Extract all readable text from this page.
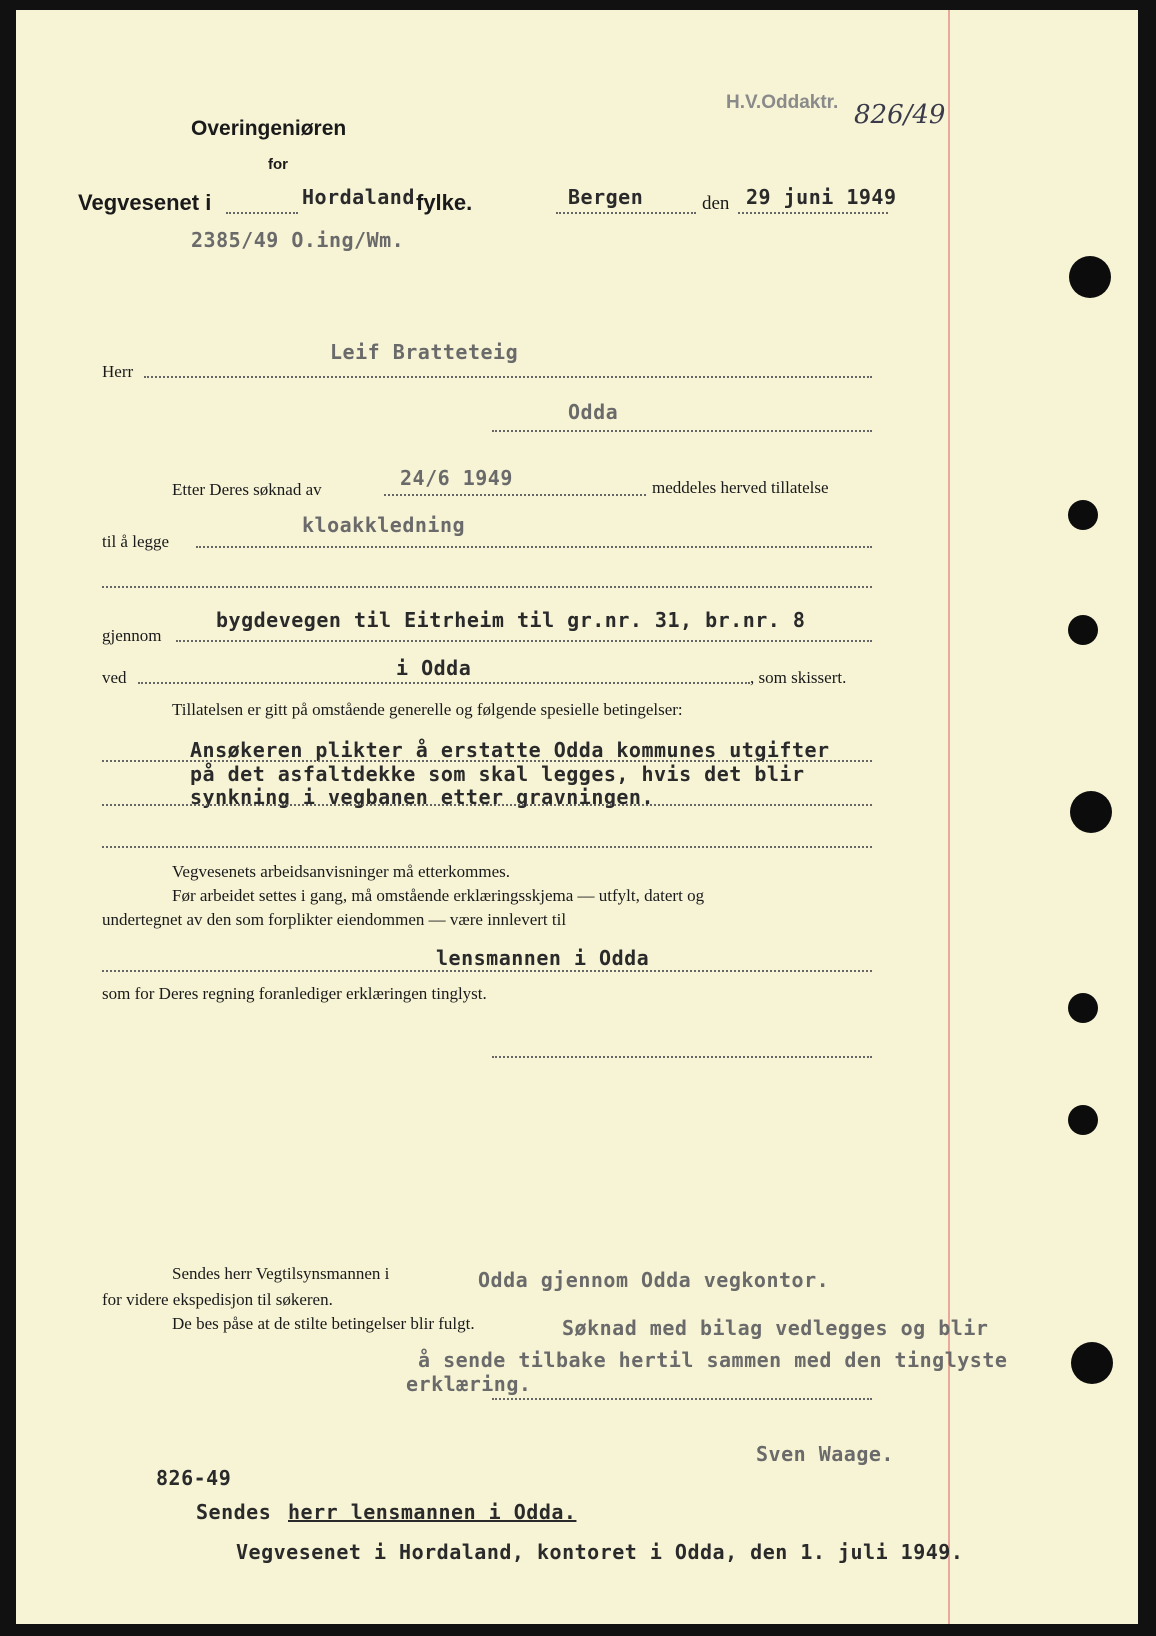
H.V.Oddaktr. 826/49
Overingeniøren
for
Vegvesenet i	Hordaland fylke.	Bergen	den 29 juni 1949
2385/49 O.ing/Wm.
Herr
Leif Bratteteig
Odda
Etter Deres søknad av	24/6 1949	meddeles herved tillatelse
til å legge
kloakkledning
gjennom
bygdevegen til Eitrheim til gr.nr. 31, br.nr. 8
ved	i Odda	, som skissert.
Tillatelsen er gitt på omstående generelle og følgende spesielle betingelser:
Ansøkeren plikter å erstatte Odda kommunes utgifter
på det asfaltdekke som skal legges, hvis det blir
synkning i vegbanen etter gravningen.
Vegvesenets arbeidsanvisninger må etterkommes.
Før arbeidet settes i gang, må omstående erklæringsskjema — utfylt, datert og
undertegnet av den som forplikter eiendommen — være innlevert til
lensmannen i Odda
som for Deres regning foranlediger erklæringen tinglyst.
Sendes herr Vegtilsynsmannen i	Odda gjennom Odda vegkontor.
for videre ekspedisjon til søkeren.
De bes påse at de stilte betingelser blir fulgt.	Søknad med bilag vedlegges og blir
å sende tilbake hertil sammen med den tinglyste
erklæring.
Sven Waage.
826-49
Sendes herr lensmannen i Odda.
Vegvesenet i Hordaland, kontoret i Odda, den 1. juli 1949.
